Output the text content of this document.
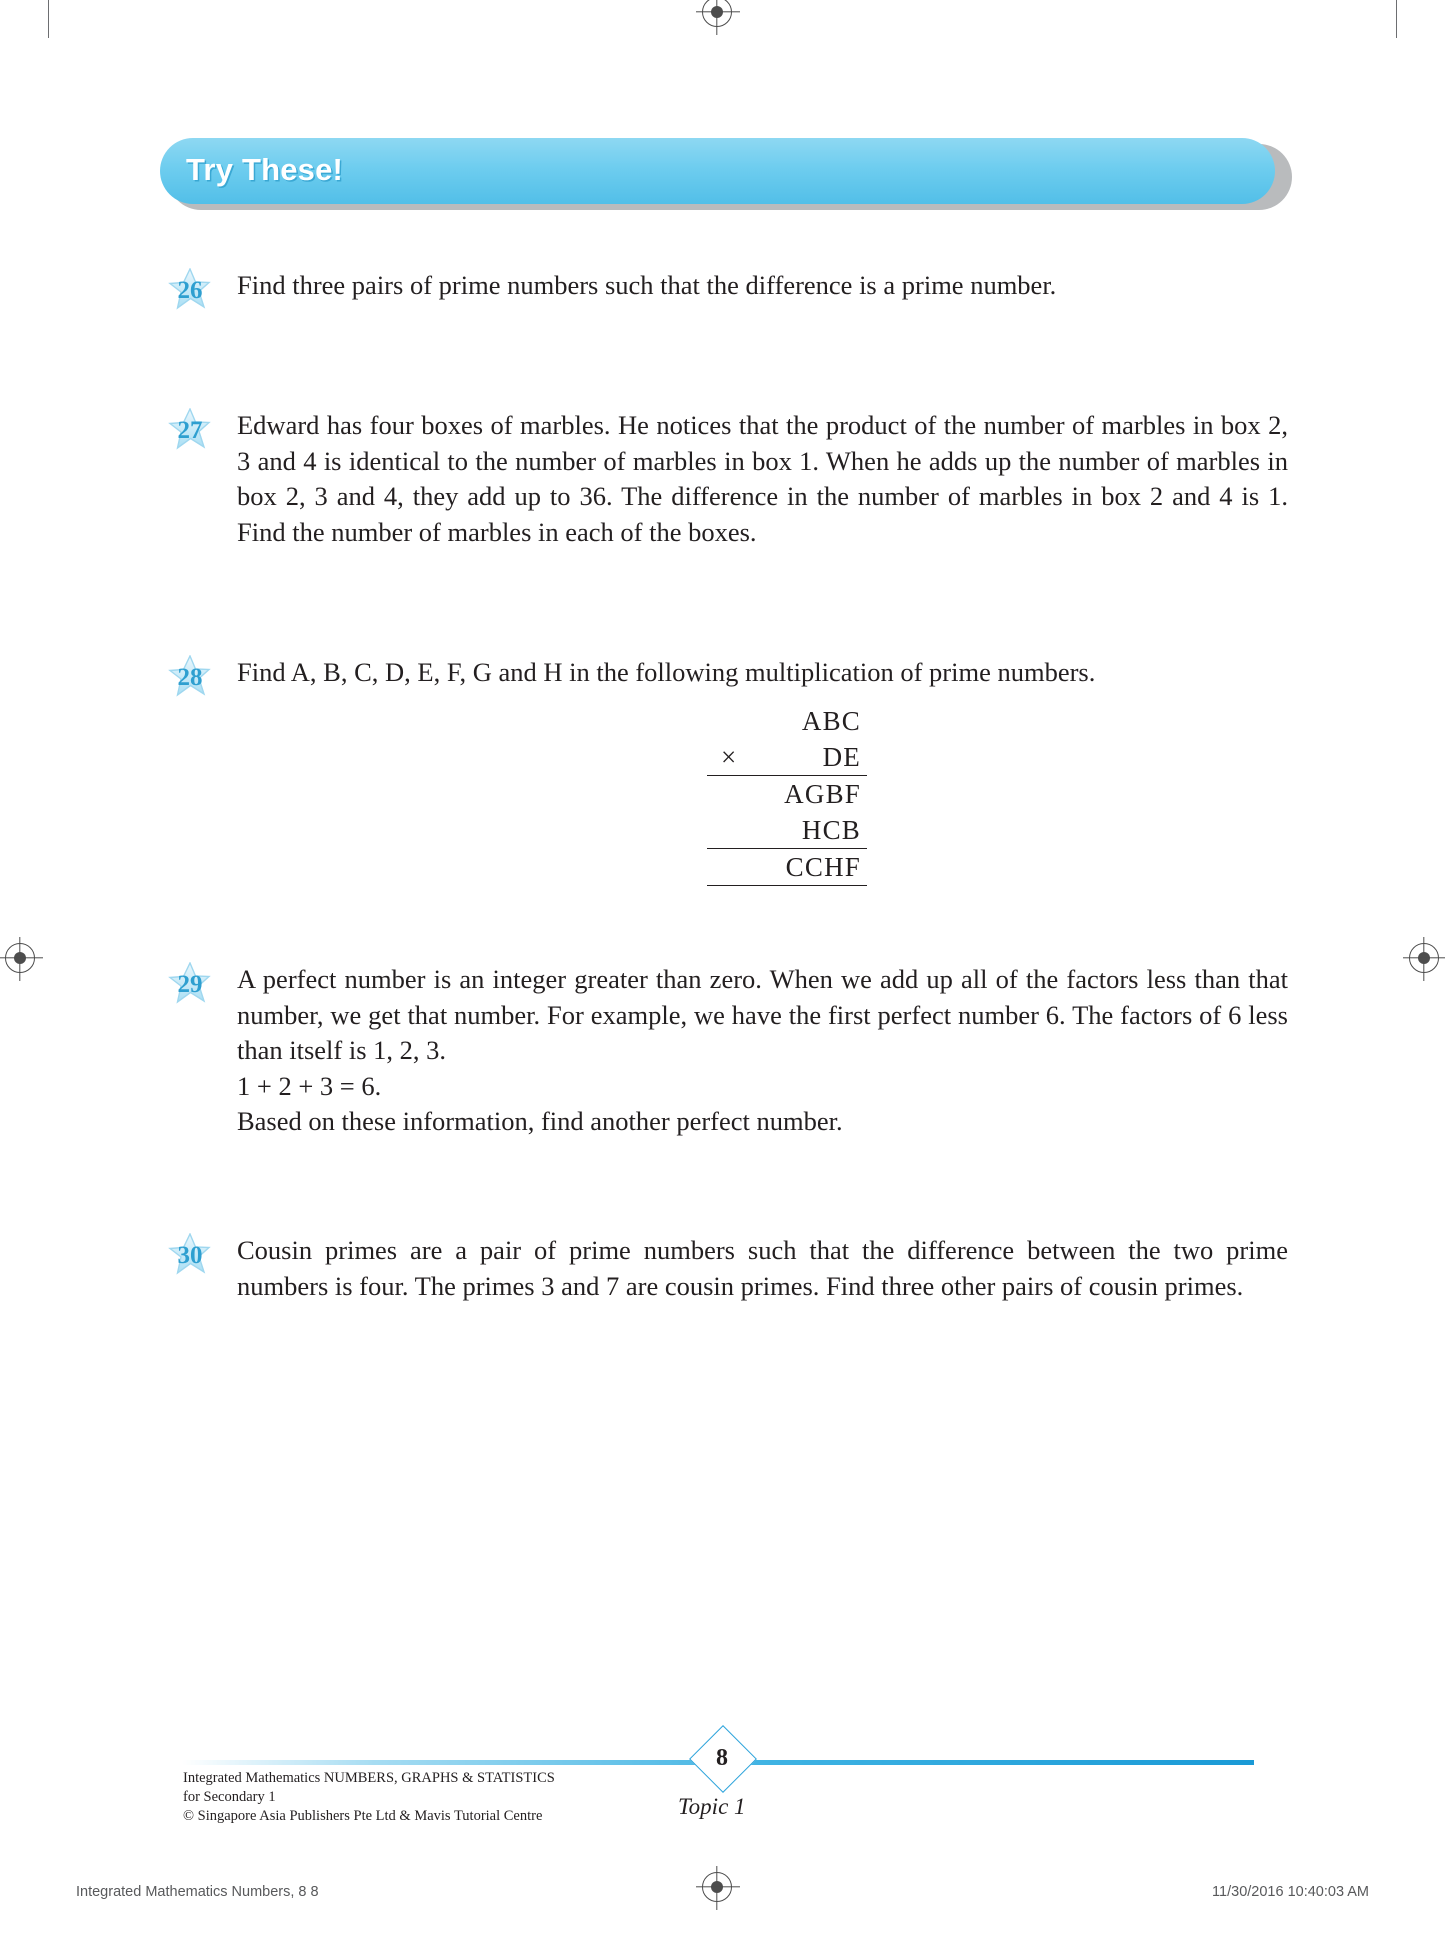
Try These!
26	Find three pairs of prime numbers such that the difference is a prime number.
27	Edward has four boxes of marbles. He notices that the product of the number of marbles in box 2, 3 and 4 is identical to the number of marbles in box 1. When he adds up the number of marbles in box 2, 3 and 4, they add up to 36. The difference in the number of marbles in box 2 and 4 is 1. Find the number of marbles in each of the boxes.
28	Find A, B, C, D, E, F, G and H in the following multiplication of prime numbers.
ABC
×	DE
AGBF
HCB
CCHF
29	A perfect number is an integer greater than zero. When we add up all of the factors less than that number, we get that number. For example, we have the first perfect number 6. The factors of 6 less than itself is 1, 2, 3.
1 + 2 + 3 = 6.
Based on these information, find another perfect number.
30	Cousin primes are a pair of prime numbers such that the difference between the two prime numbers is four. The primes 3 and 7 are cousin primes. Find three other pairs of cousin primes.
8
Topic 1
Integrated Mathematics NUMBERS, GRAPHS & STATISTICS
for Secondary 1
© Singapore Asia Publishers Pte Ltd & Mavis Tutorial Centre
Integrated Mathematics Numbers, 8 8	11/30/2016 10:40:03 AM
